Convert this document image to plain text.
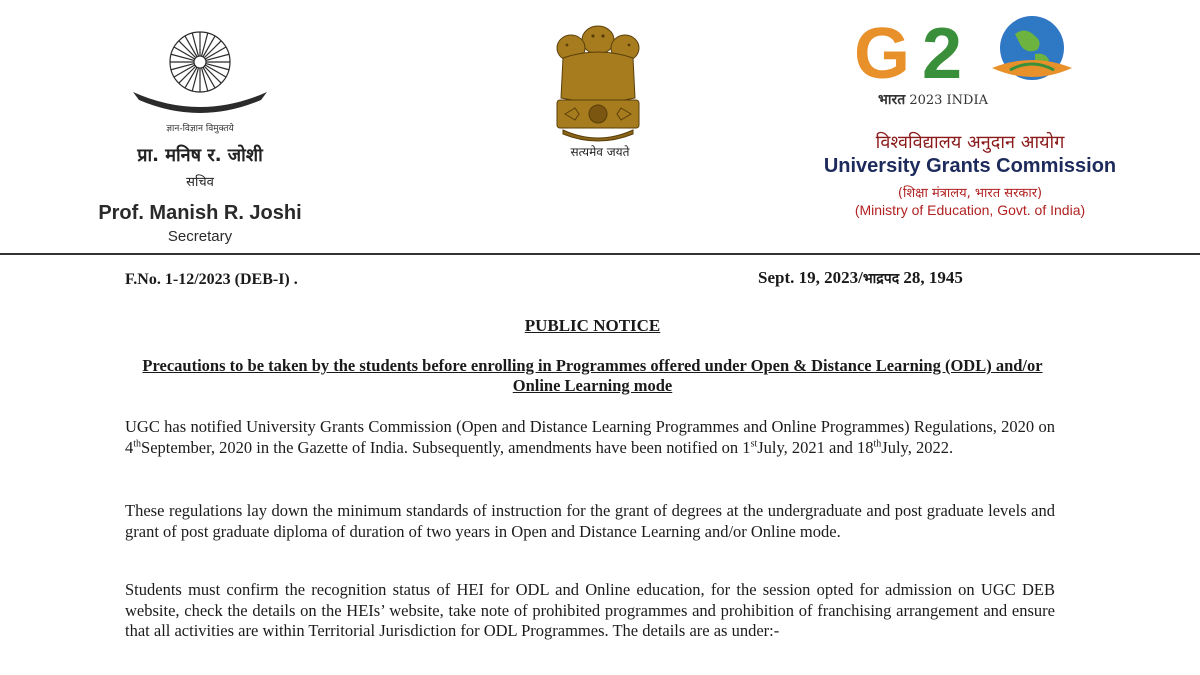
ज्ञान-विज्ञान विमुक्तये
प्रा. मनिष र. जोशी
सचिव
Prof. Manish R. Joshi
Secretary
सत्यमेव जयते
G 2
भारत 2023 INDIA
विश्वविद्यालय अनुदान आयोग
University Grants Commission
(शिक्षा मंत्रालय, भारत सरकार)
(Ministry of Education, Govt. of India)
F.No. 1-12/2023 (DEB-I) .	Sept. 19, 2023/भाद्रपद 28, 1945
PUBLIC NOTICE
Precautions to be taken by the students before enrolling in Programmes offered under Open & Distance Learning (ODL) and/or Online Learning mode
UGC has notified University Grants Commission (Open and Distance Learning Programmes and Online Programmes) Regulations, 2020 on 4thSeptember, 2020 in the Gazette of India. Subsequently, amendments have been notified on 1stJuly, 2021 and 18thJuly, 2022.
These regulations lay down the minimum standards of instruction for the grant of degrees at the undergraduate and post graduate levels and grant of post graduate diploma of duration of two years in Open and Distance Learning and/or Online mode.
Students must confirm the recognition status of HEI for ODL and Online education, for the session opted for admission on UGC DEB website, check the details on the HEIs’ website, take note of prohibited programmes and prohibition of franchising arrangement and ensure that all activities are within Territorial Jurisdiction for ODL Programmes. The details are as under:-
